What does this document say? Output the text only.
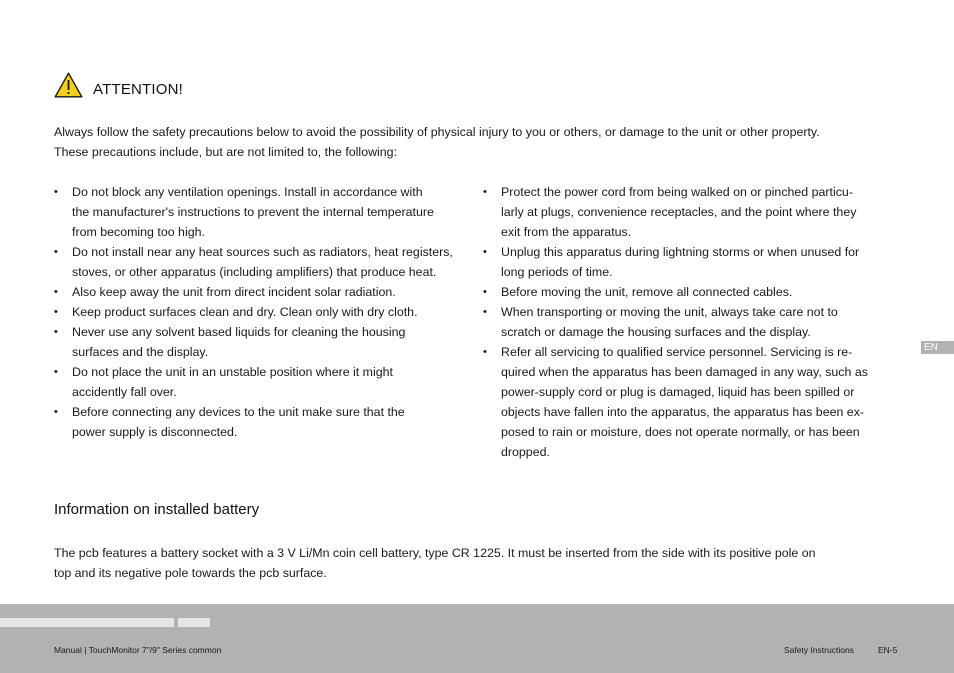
ATTENTION!

Always follow the safety precautions below to avoid the possibility of physical injury to you or others, or damage to the unit or other property.
These precautions include, but are not limited to, the following:

• Do not block any ventilation openings. Install in accordance with
the manufacturer's instructions to prevent the internal temperature
from becoming too high.
• Do not install near any heat sources such as radiators, heat registers,
stoves, or other apparatus (including amplifiers) that produce heat.
• Also keep away the unit from direct incident solar radiation.
• Keep product surfaces clean and dry. Clean only with dry cloth.
• Never use any solvent based liquids for cleaning the housing
surfaces and the display.
• Do not place the unit in an unstable position where it might
accidently fall over.
• Before connecting any devices to the unit make sure that the
power supply is disconnected.
• Protect the power cord from being walked on or pinched particu-
larly at plugs, convenience receptacles, and the point where they
exit from the apparatus.
• Unplug this apparatus during lightning storms or when unused for
long periods of time.
• Before moving the unit, remove all connected cables.
• When transporting or moving the unit, always take care not to
scratch or damage the housing surfaces and the display.
• Refer all servicing to qualified service personnel. Servicing is re-
quired when the apparatus has been damaged in any way, such as
power-supply cord or plug is damaged, liquid has been spilled or
objects have fallen into the apparatus, the apparatus has been ex-
posed to rain or moisture, does not operate normally, or has been
dropped.
Information on installed battery

The pcb features a battery socket with a 3 V Li/Mn coin cell battery, type CR 1225. It must be inserted from the side with its positive pole on
top and its negative pole towards the pcb surface.

EN
Manual | TouchMonitor 7"/9" Series common	Safety Instructions	EN-5
